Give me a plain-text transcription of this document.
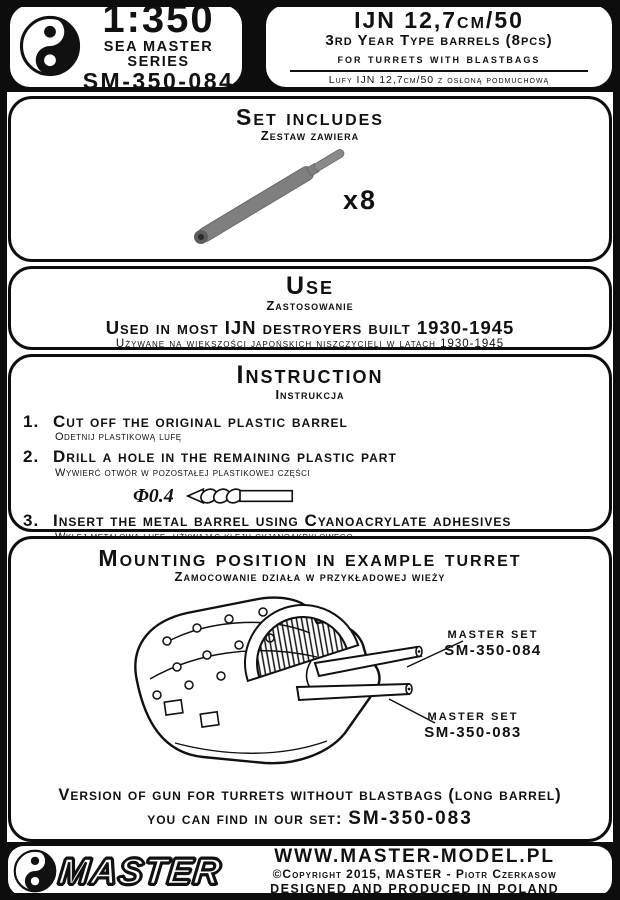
1:350
SEA MASTER SERIES
SM-350-084
IJN 12,7cm/50
3rd Year Type barrels (8pcs)
for turrets with blastbags
Lufy IJN 12,7cm/50 z osłoną podmuchową
Set includes
Zestaw zawiera
x8
Use
Zastosowanie
Used in most IJN destroyers built 1930-1945
Używane na większości japońskich niszczycieli w latach 1930-1945
Instruction
Instrukcja
1. Cut off the original plastic barrel
Odetnij plastikową lufę
2. Drill a hole in the remaining plastic part
Wywierć otwór w pozostałej plastikowej części
Φ0.4
3. Insert the metal barrel using Cyanoacrylate adhesives
Mounting position in example turret
Zamocowanie działa w przykładowej wieży
MASTER SET
SM-350-084
MASTER SET
SM-350-083
Version of gun for turrets without blastbags (long barrel)
you can find in our set: SM-350-083
MASTER	WWW.MASTER-MODEL.PL
©Copyright 2015, MASTER - Piotr Czerkasow
DESIGNED AND PRODUCED IN POLAND
